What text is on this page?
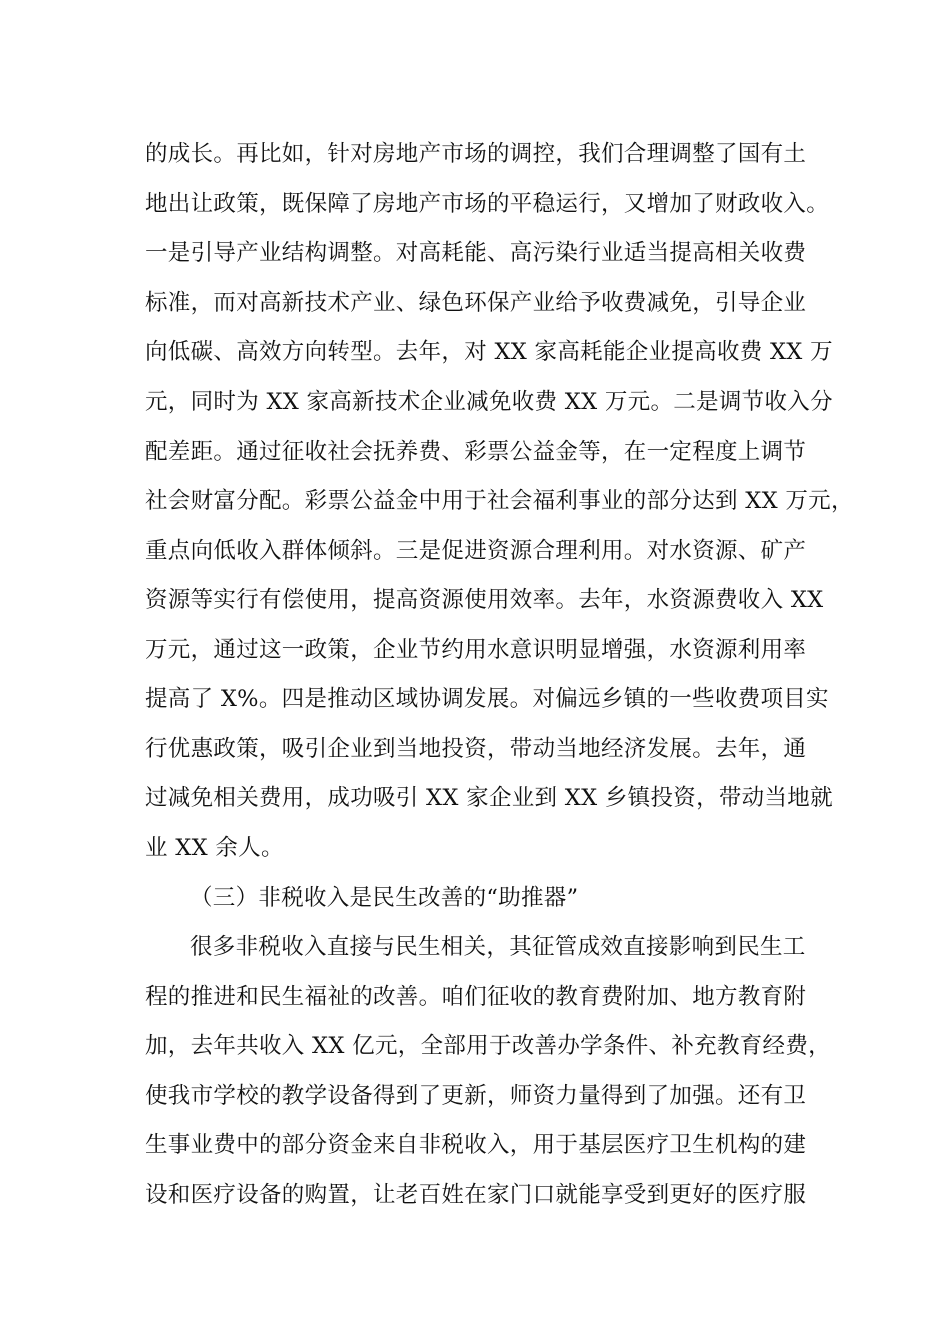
的成长。再比如，针对房地产市场的调控，我们合理调整了国有土
地出让政策，既保障了房地产市场的平稳运行，又增加了财政收入。
一是引导产业结构调整。对高耗能、高污染行业适当提高相关收费
标准，而对高新技术产业、绿色环保产业给予收费减免，引导企业
向低碳、高效方向转型。去年，对 XX 家高耗能企业提高收费 XX 万
元，同时为 XX 家高新技术企业减免收费 XX 万元。二是调节收入分
配差距。通过征收社会抚养费、彩票公益金等，在一定程度上调节
社会财富分配。彩票公益金中用于社会福利事业的部分达到 XX 万元，
重点向低收入群体倾斜。三是促进资源合理利用。对水资源、矿产
资源等实行有偿使用，提高资源使用效率。去年，水资源费收入 XX
万元，通过这一政策，企业节约用水意识明显增强，水资源利用率
提高了 X%。四是推动区域协调发展。对偏远乡镇的一些收费项目实
行优惠政策，吸引企业到当地投资，带动当地经济发展。去年，通
过减免相关费用，成功吸引 XX 家企业到 XX 乡镇投资，带动当地就
业 XX 余人。
（三）非税收入是民生改善的“助推器”
很多非税收入直接与民生相关，其征管成效直接影响到民生工
程的推进和民生福祉的改善。咱们征收的教育费附加、地方教育附
加，去年共收入 XX 亿元，全部用于改善办学条件、补充教育经费，
使我市学校的教学设备得到了更新，师资力量得到了加强。还有卫
生事业费中的部分资金来自非税收入，用于基层医疗卫生机构的建
设和医疗设备的购置，让老百姓在家门口就能享受到更好的医疗服
